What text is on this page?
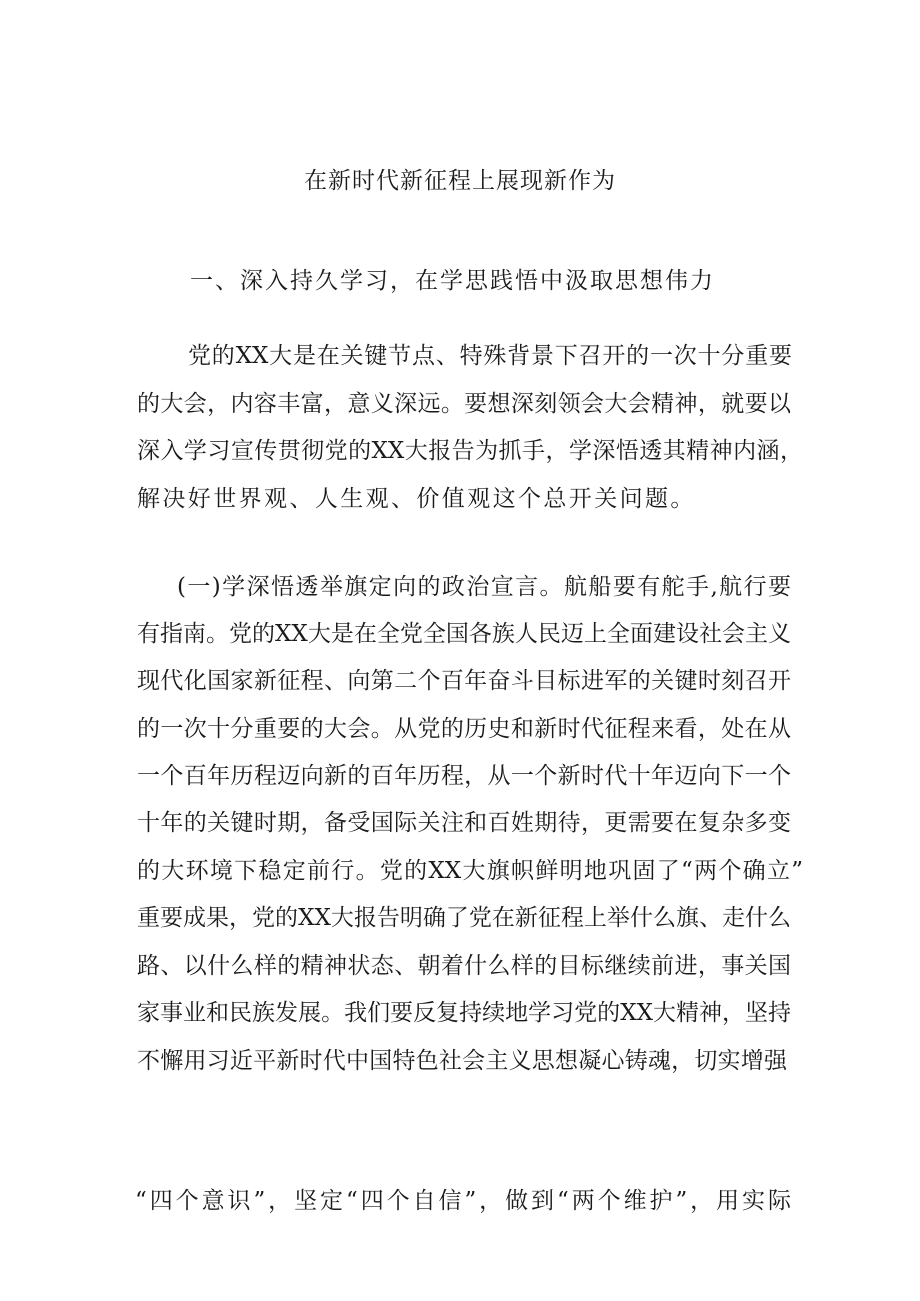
在新时代新征程上展现新作为
一、深入持久学习，在学思践悟中汲取思想伟力
党的XX大是在关键节点、特殊背景下召开的一次十分重要
的大会，内容丰富，意义深远。要想深刻领会大会精神，就要以
深入学习宣传贯彻党的XX大报告为抓手，学深悟透其精神内涵，
解决好世界观、人生观、价值观这个总开关问题。
(一)学深悟透举旗定向的政治宣言。航船要有舵手,航行要
有指南。党的XX大是在全党全国各族人民迈上全面建设社会主义
现代化国家新征程、向第二个百年奋斗目标进军的关键时刻召开
的一次十分重要的大会。从党的历史和新时代征程来看，处在从
一个百年历程迈向新的百年历程，从一个新时代十年迈向下一个
十年的关键时期，备受国际关注和百姓期待，更需要在复杂多变
的大环境下稳定前行。党的XX大旗帜鲜明地巩固了“两个确立”
重要成果，党的XX大报告明确了党在新征程上举什么旗、走什么
路、以什么样的精神状态、朝着什么样的目标继续前进，事关国
家事业和民族发展。我们要反复持续地学习党的XX大精神，坚持
不懈用习近平新时代中国特色社会主义思想凝心铸魂，切实增强
“四个意识”，坚定“四个自信”，做到“两个维护”，用实际
